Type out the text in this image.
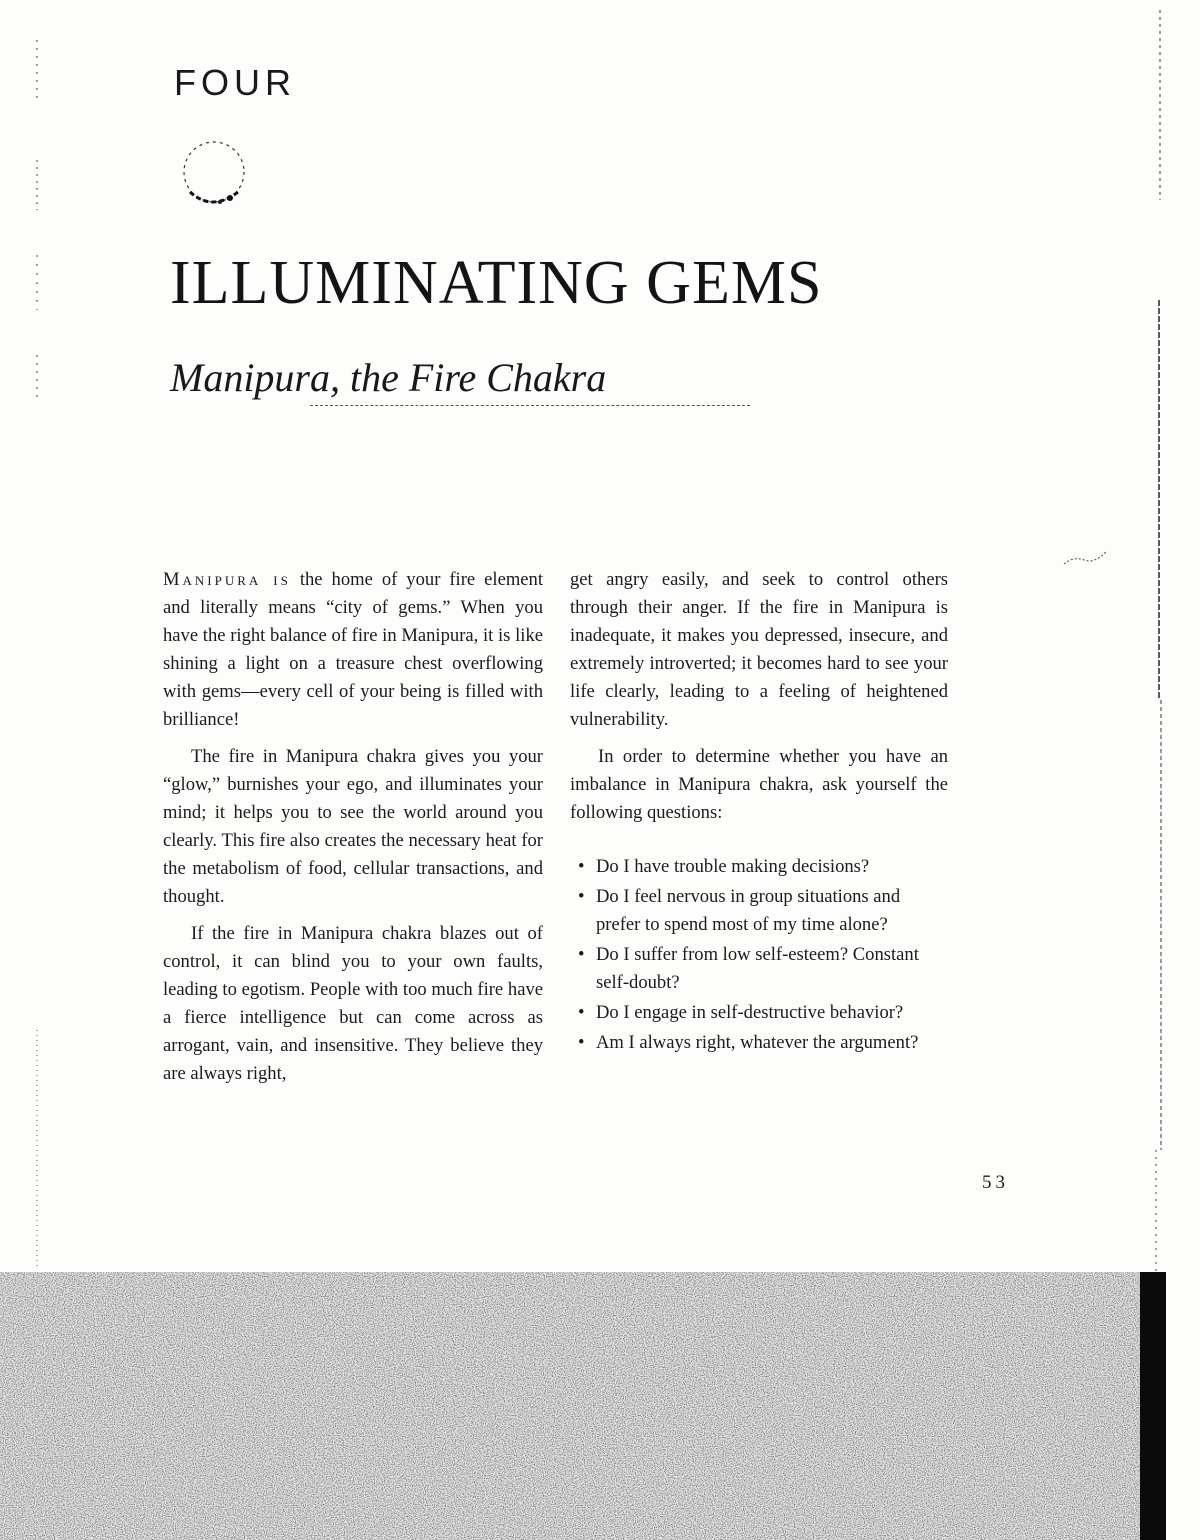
FOUR
ILLUMINATING GEMS
Manipura, the Fire Chakra

Manipura is the home of your fire element and literally means “city of gems.” When you have the right balance of fire in Manipura, it is like shining a light on a treasure chest overflowing with gems—every cell of your being is filled with brilliance!

The fire in Manipura chakra gives you your “glow,” burnishes your ego, and illuminates your mind; it helps you to see the world around you clearly. This fire also creates the necessary heat for the metabolism of food, cellular transactions, and thought.

If the fire in Manipura chakra blazes out of control, it can blind you to your own faults, leading to egotism. People with too much fire have a fierce intelligence but can come across as arrogant, vain, and insensitive. They believe they are always right,

get angry easily, and seek to control others through their anger. If the fire in Manipura is inadequate, it makes you depressed, insecure, and extremely introverted; it becomes hard to see your life clearly, leading to a feeling of heightened vulnerability.

In order to determine whether you have an imbalance in Manipura chakra, ask yourself the following questions:

• Do I have trouble making decisions?
• Do I feel nervous in group situations and prefer to spend most of my time alone?
• Do I suffer from low self-esteem? Constant self-doubt?
• Do I engage in self-destructive behavior?
• Am I always right, whatever the argument?
53
